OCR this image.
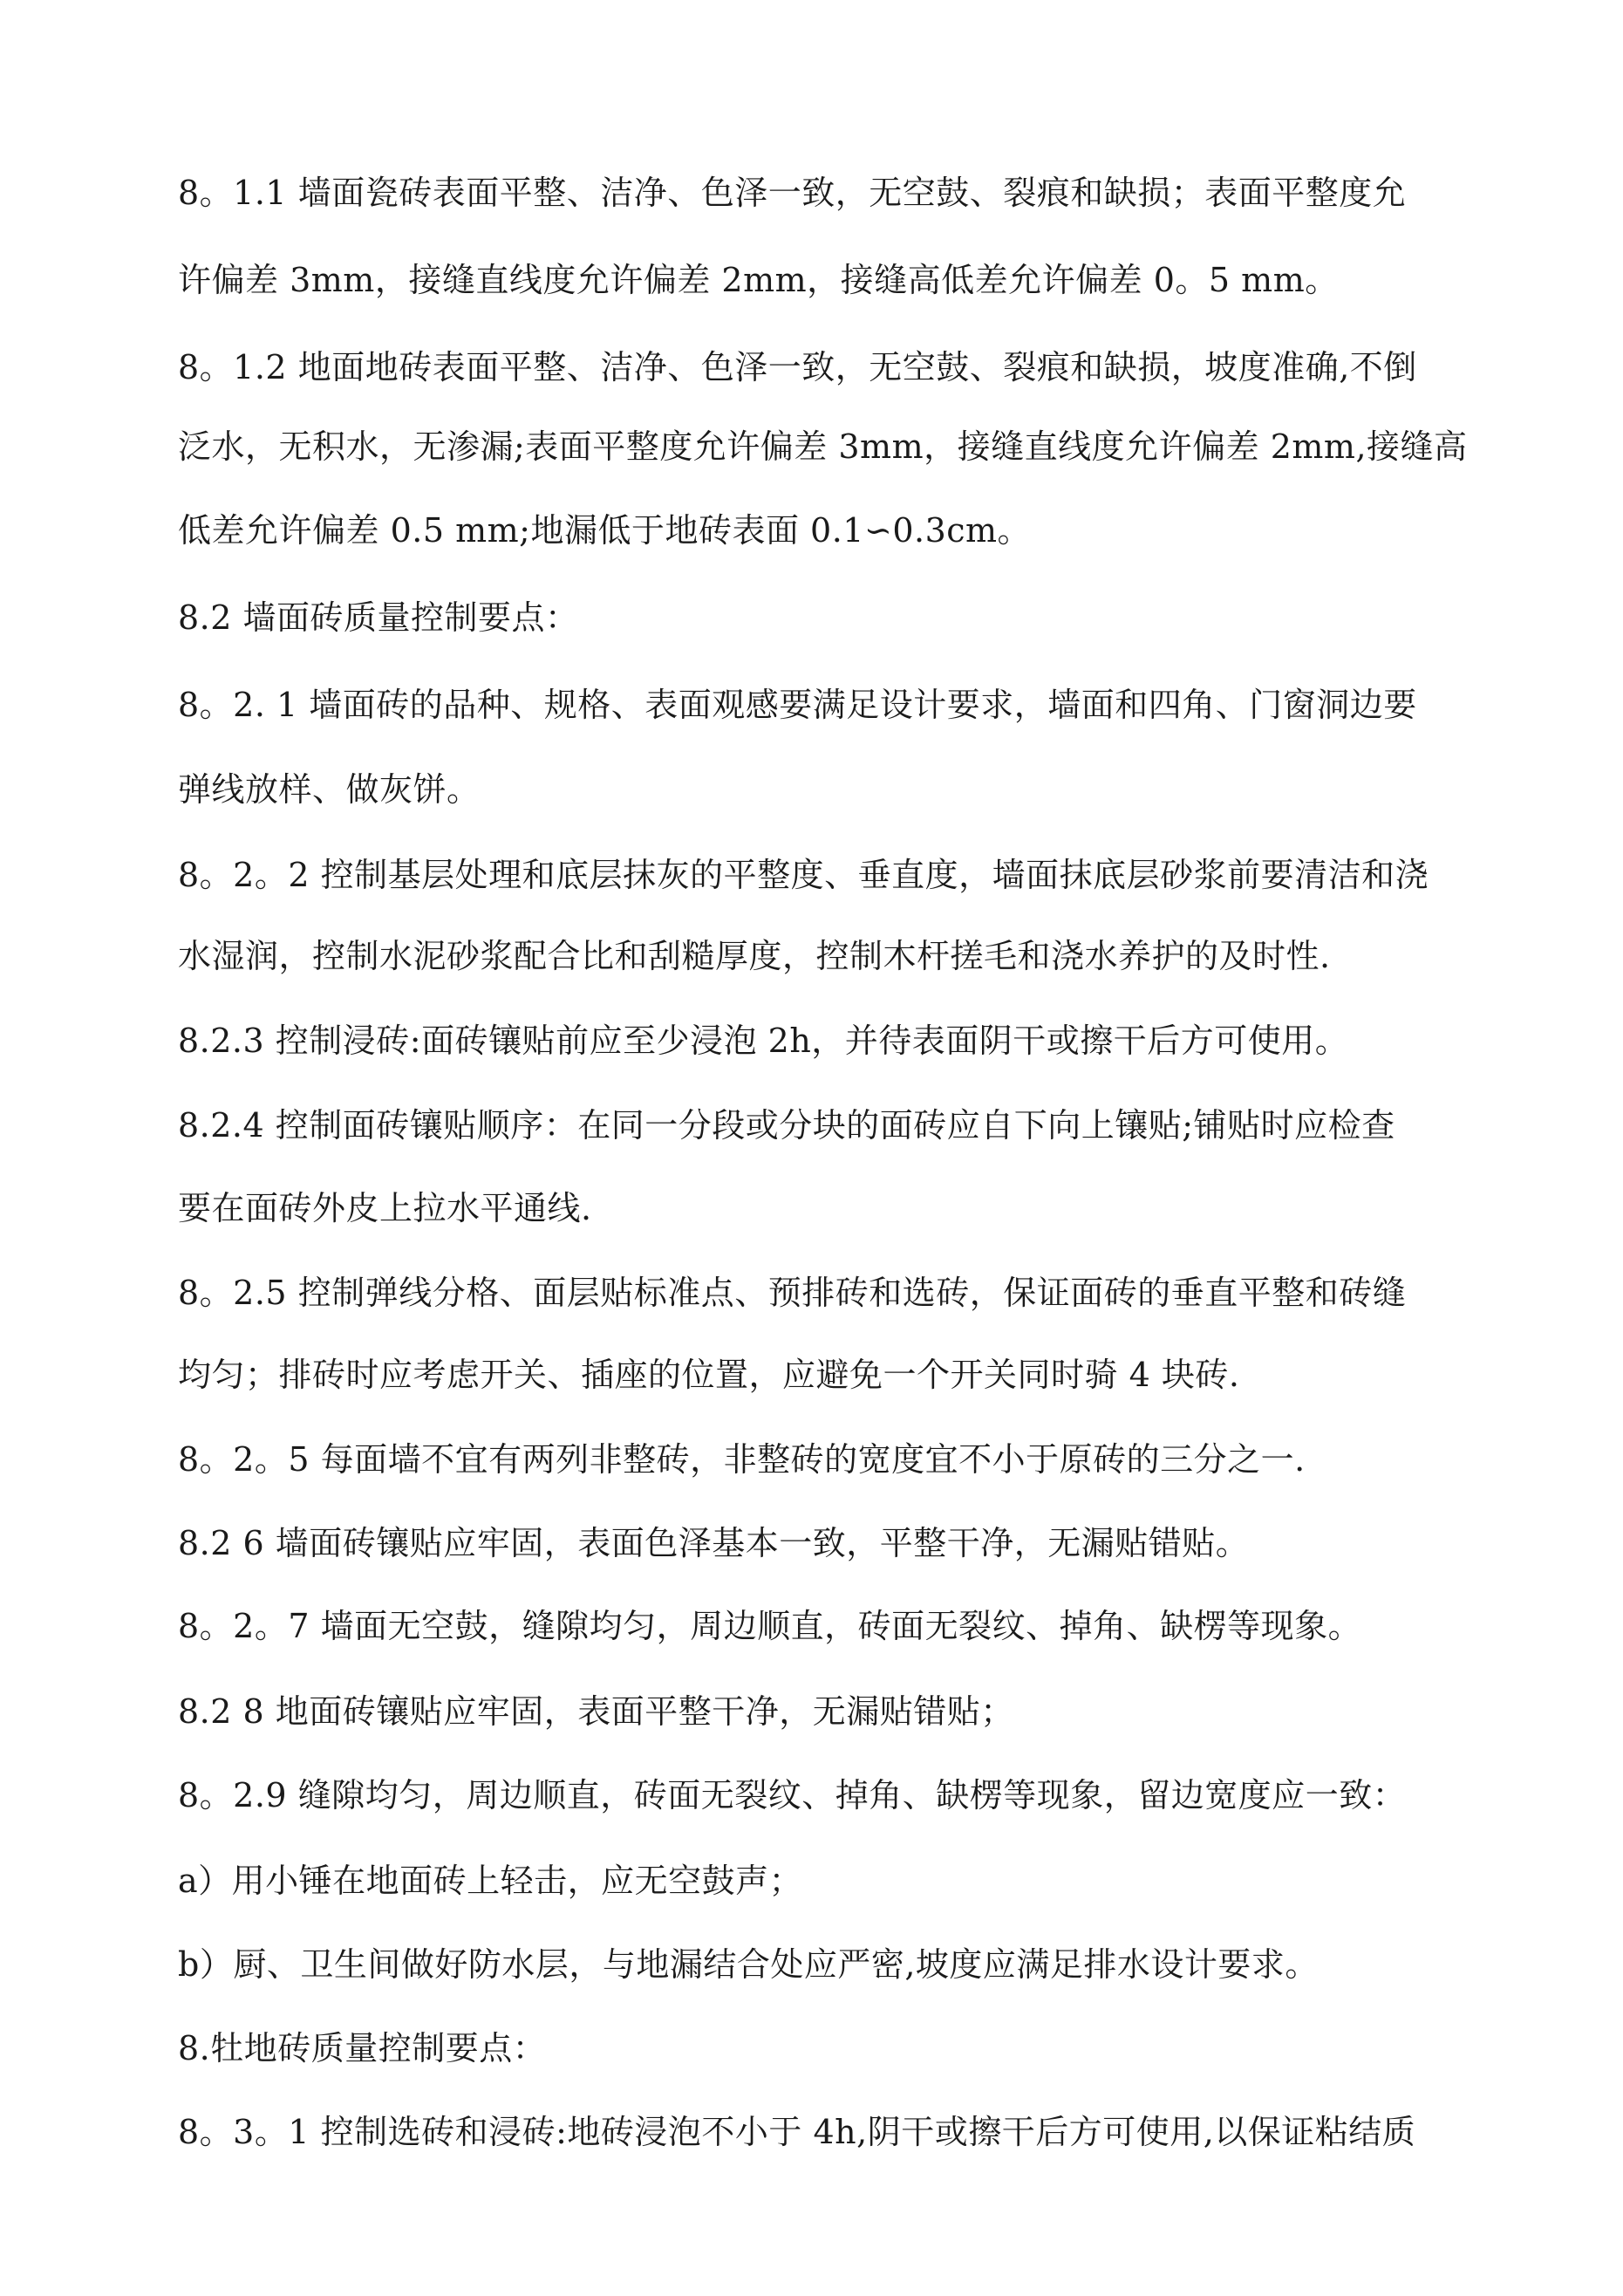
8。1.1 墙面瓷砖表面平整、洁净、色泽一致，无空鼓、裂痕和缺损；表面平整度允
许偏差 3mm，接缝直线度允许偏差 2mm，接缝高低差允许偏差 0。5 mm。
8。1.2 地面地砖表面平整、洁净、色泽一致，无空鼓、裂痕和缺损，坡度准确,不倒
泛水，无积水，无渗漏;表面平整度允许偏差 3mm，接缝直线度允许偏差 2mm,接缝高
低差允许偏差 0.5 mm;地漏低于地砖表面 0.1∽0.3cm。
8.2 墙面砖质量控制要点：
8。2. 1 墙面砖的品种、规格、表面观感要满足设计要求，墙面和四角、门窗洞边要
弹线放样、做灰饼。
8。2。2 控制基层处理和底层抹灰的平整度、垂直度，墙面抹底层砂浆前要清洁和浇
水湿润，控制水泥砂浆配合比和刮糙厚度，控制木杆搓毛和浇水养护的及时性.
8.2.3 控制浸砖:面砖镶贴前应至少浸泡 2h，并待表面阴干或擦干后方可使用。
8.2.4 控制面砖镶贴顺序：在同一分段或分块的面砖应自下向上镶贴;铺贴时应检查
要在面砖外皮上拉水平通线.
8。2.5 控制弹线分格、面层贴标准点、预排砖和选砖，保证面砖的垂直平整和砖缝
均匀；排砖时应考虑开关、插座的位置，应避免一个开关同时骑 4 块砖.
8。2。5 每面墙不宜有两列非整砖，非整砖的宽度宜不小于原砖的三分之一.
8.2 6 墙面砖镶贴应牢固，表面色泽基本一致，平整干净，无漏贴错贴。
8。2。7 墙面无空鼓，缝隙均匀，周边顺直，砖面无裂纹、掉角、缺楞等现象。
8.2 8 地面砖镶贴应牢固，表面平整干净，无漏贴错贴；
8。2.9 缝隙均匀，周边顺直，砖面无裂纹、掉角、缺楞等现象，留边宽度应一致：
a）用小锤在地面砖上轻击，应无空鼓声；
b）厨、卫生间做好防水层，与地漏结合处应严密,坡度应满足排水设计要求。
8.牡地砖质量控制要点：
8。3。1 控制选砖和浸砖:地砖浸泡不小于 4h,阴干或擦干后方可使用,以保证粘结质
